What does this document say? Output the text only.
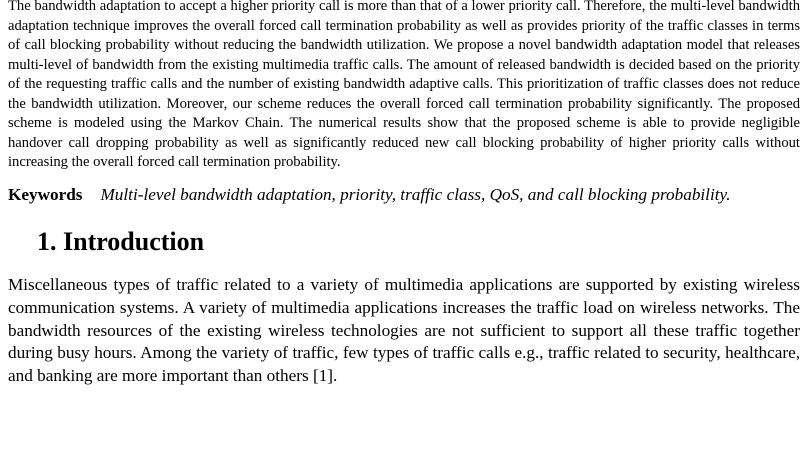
The bandwidth adaptation to accept a higher priority call is more than that of a lower priority call. Therefore, the multi-level bandwidth adaptation technique improves the overall forced call termination probability as well as provides priority of the traffic classes in terms of call blocking probability without reducing the bandwidth utilization. We propose a novel bandwidth adaptation model that releases multi-level of bandwidth from the existing multimedia traffic calls. The amount of released bandwidth is decided based on the priority of the requesting traffic calls and the number of existing bandwidth adaptive calls. This prioritization of traffic classes does not reduce the bandwidth utilization. Moreover, our scheme reduces the overall forced call termination probability significantly. The proposed scheme is modeled using the Markov Chain. The numerical results show that the proposed scheme is able to provide negligible handover call dropping probability as well as significantly reduced new call blocking probability of higher priority calls without increasing the overall forced call termination probability.

Keywords Multi-level bandwidth adaptation, priority, traffic class, QoS, and call blocking probability.

1. Introduction

Miscellaneous types of traffic related to a variety of multimedia applications are supported by existing wireless communication systems. A variety of multimedia applications increases the traffic load on wireless networks. The bandwidth resources of the existing wireless technologies are not sufficient to support all these traffic together during busy hours. Among the variety of traffic, few types of traffic calls e.g., traffic related to security, healthcare, and banking are more important than others [1].
